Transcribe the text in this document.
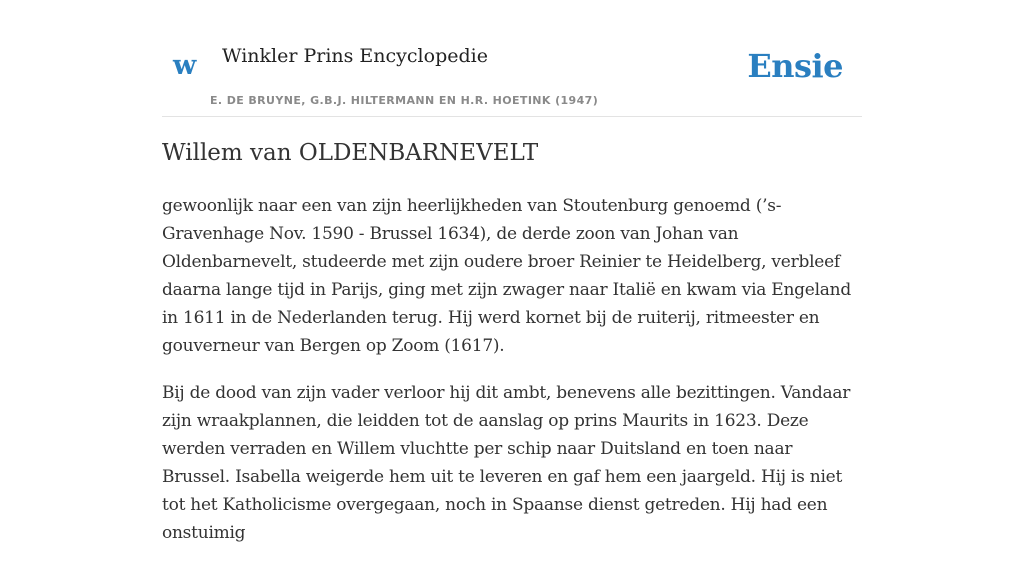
w Winkler Prins Encyclopedie
E. DE BRUYNE, G.B.J. HILTERMANN EN H.R. HOETINK (1947)
Ensie
Willem van OLDENBARNEVELT

gewoonlijk naar een van zijn heerlijkheden van Stoutenburg genoemd (’s-Gravenhage Nov. 1590 - Brussel 1634), de derde zoon van Johan van Oldenbarnevelt, studeerde met zijn oudere broer Reinier te Heidelberg, verbleef daarna lange tijd in Parijs, ging met zijn zwager naar Italië en kwam via Engeland in 1611 in de Nederlanden terug. Hij werd kornet bij de ruiterij, ritmeester en gouverneur van Bergen op Zoom (1617).

Bij de dood van zijn vader verloor hij dit ambt, benevens alle bezittingen. Vandaar zijn wraakplannen, die leidden tot de aanslag op prins Maurits in 1623. Deze werden verraden en Willem vluchtte per schip naar Duitsland en toen naar Brussel. Isabella weigerde hem uit te leveren en gaf hem een jaargeld. Hij is niet tot het Katholicisme overgegaan, noch in Spaanse dienst getreden. Hij had een onstuimig
